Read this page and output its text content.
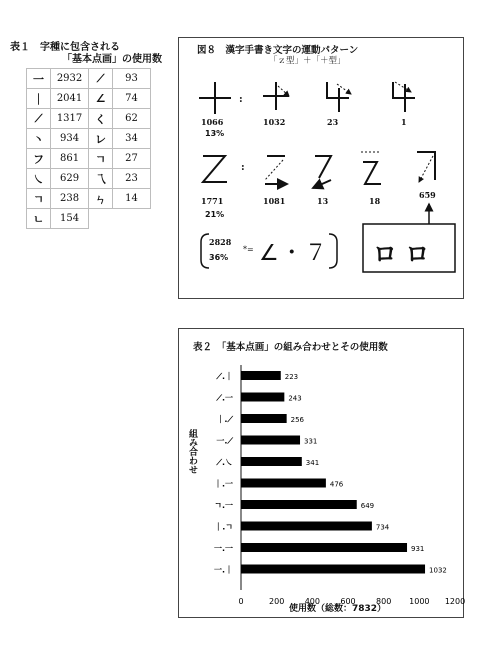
表１　字種に包含される
「基本点画」の使用数
一	2932	⟋	93
｜	2041	∠	74
⟋	1317	く	62
丶	934	レ	34
フ	861	ㄱ	27
㇏	629	乁	23
ㄱ	238	ㄣ	14
ㄴ	154		
図８　漢字手書き文字の運動パターン
「ｚ型」＋「＋型」
:
:
1066	1032	23	1
13%
1771	1081	13	18
659
21%
2828
36%
*= ∠・７ ロ ロ
表２　「基本点画」の組み合わせとその使用数
組み合わせ
223
⟋.｜
243
⟋.一
256
｜.⟋
331
一.⟋
341
⟋.㇏
476
｜.一
649
ㄱ.一
734
｜.ㄱ
931
一.一
1032
一.｜
0	200	400	600	800 1000 1200
使用数（総数：7832）
